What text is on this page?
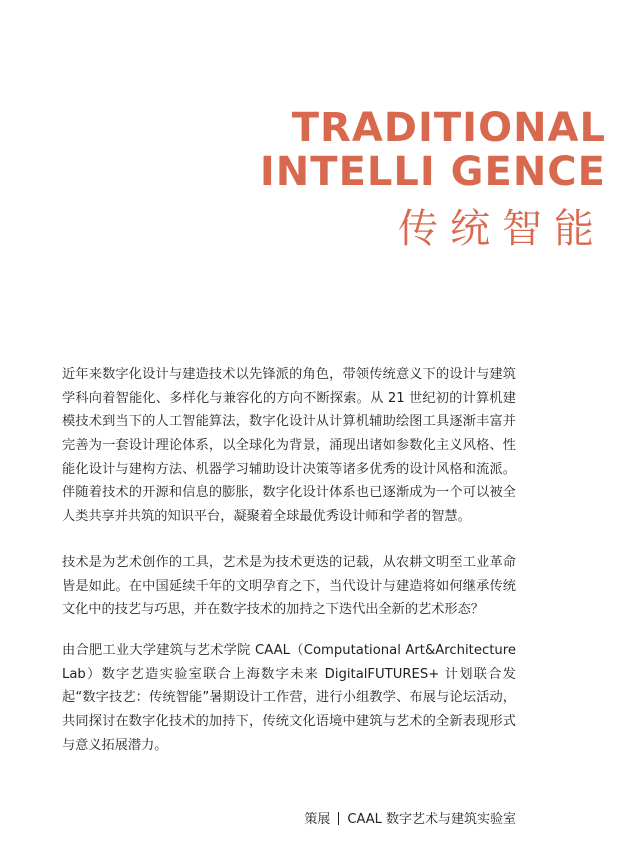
TRADITIONAL
INTELLI GENCE
传统智能

近年来数字化设计与建造技术以先锋派的角色，带领传统意义下的设计与建筑学科向着智能化、多样化与兼容化的方向不断探索。从 21 世纪初的计算机建模技术到当下的人工智能算法，数字化设计从计算机辅助绘图工具逐渐丰富并完善为一套设计理论体系，以全球化为背景，涌现出诸如参数化主义风格、性能化设计与建构方法、机器学习辅助设计决策等诸多优秀的设计风格和流派。伴随着技术的开源和信息的膨胀，数字化设计体系也已逐渐成为一个可以被全人类共享并共筑的知识平台，凝聚着全球最优秀设计师和学者的智慧。

技术是为艺术创作的工具，艺术是为技术更迭的记载，从农耕文明至工业革命皆是如此。在中国延续千年的文明孕育之下，当代设计与建造将如何继承传统文化中的技艺与巧思，并在数字技术的加持之下迭代出全新的艺术形态？

由合肥工业大学建筑与艺术学院 CAAL（Computational Art&Architecture Lab）数字艺造实验室联合上海数字未来 DigitalFUTURES+ 计划联合发起“数字技艺：传统智能”暑期设计工作营，进行小组教学、布展与论坛活动，共同探讨在数字化技术的加持下，传统文化语境中建筑与艺术的全新表现形式与意义拓展潜力。

策展 CAAL 数字艺术与建筑实验室
